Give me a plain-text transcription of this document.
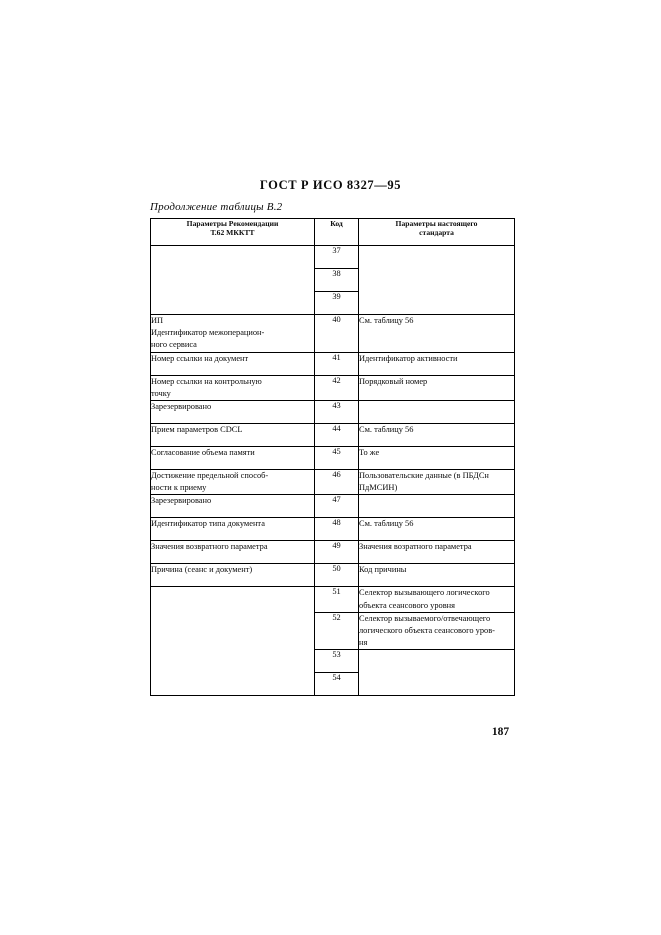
ГОСТ Р ИСО 8327—95
Продолжение таблицы В.2
Параметры Рекомендации
Т.62 МККТТ
	Код	Параметры настоящего
стандарта

	37	

	38	

	39	

ИП
Идентификатор межоперацион-
ного сервиса	40	См. таблицу 56

Номер ссылки на документ	41	Идентификатор активности

Номер ссылки на контрольную
точку	42	Порядковый номер

Зарезервировано	43	

Прием параметров CDCL	44	См. таблицу 56

Согласование объема памяти	45	То же

Достижение предельной способ-
ности к приему
	46	Пользовательские данные (в ПБДСн
ПдМСИН)

Зарезервировано	47	

Идентификатор типа документа	48	См. таблицу 56

Значения возвратного параметра	49	Значения возратного параметра

Причина (сеанс и документ)	50	Код причины

	51	Селектор вызывающего логического
объекта сеансового уровня

	52	Селектор вызываемого/отвечающего
логического объекта сеансового уров-
ня

	53	

	54	

187
